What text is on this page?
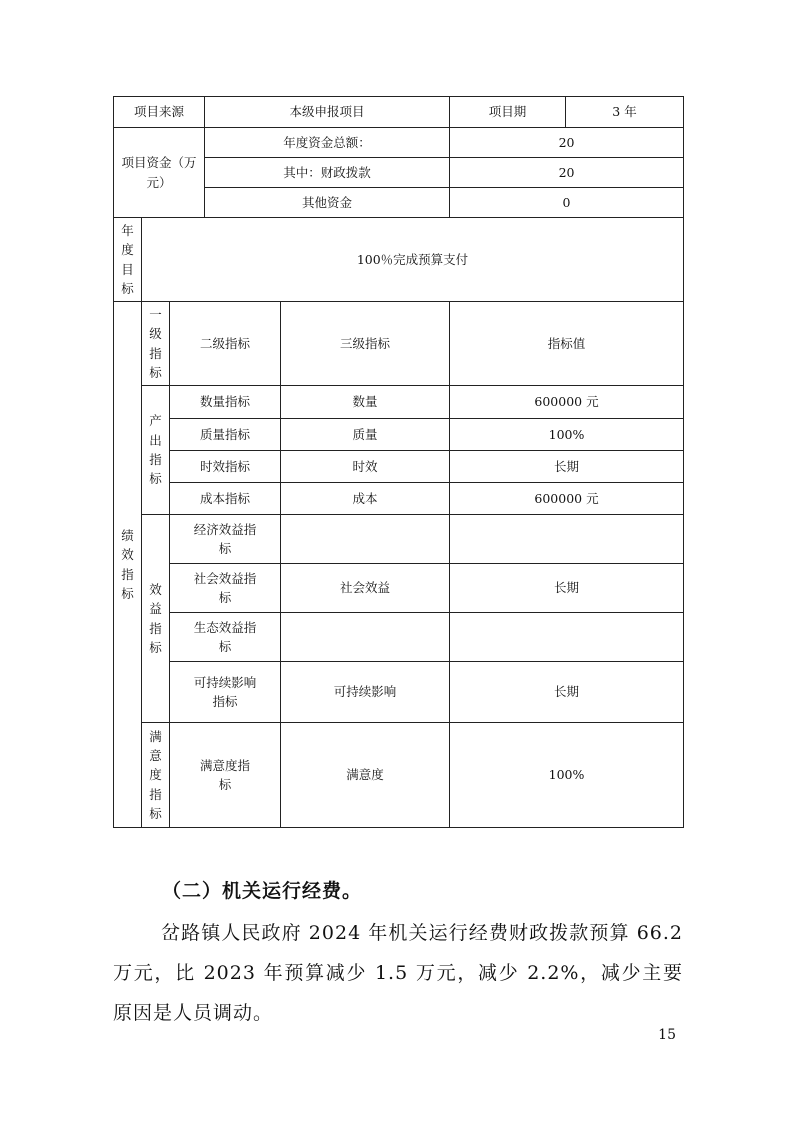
项目来源			本级申报项目		项目期	3 年

项目资金（万元）			年度资金总额：		20	
			其中：财政拨款		20	
			其他资金		0	
年度目标	100％完成预算支付					
绩效指标	一级指标	二级指标		三级指标	指标值	
	产出指标	数量指标		数量	600000 元	
		质量指标		质量	100%	
		时效指标		时效	长期	
		成本指标		成本	600000 元	
	效益指标	经济效益指标				

		社会效益指标		社会效益	长期	

		生态效益指标				

		可持续影响指标		可持续影响	长期	
	满意度指标	满意度指标		满意度	100%	
（二）机关运行经费。
岔路镇人民政府 2024 年机关运行经费财政拨款预算 66.2 万元，比 2023 年预算减少 1.5 万元，减少 2.2%，减少主要原因是人员调动。
15
